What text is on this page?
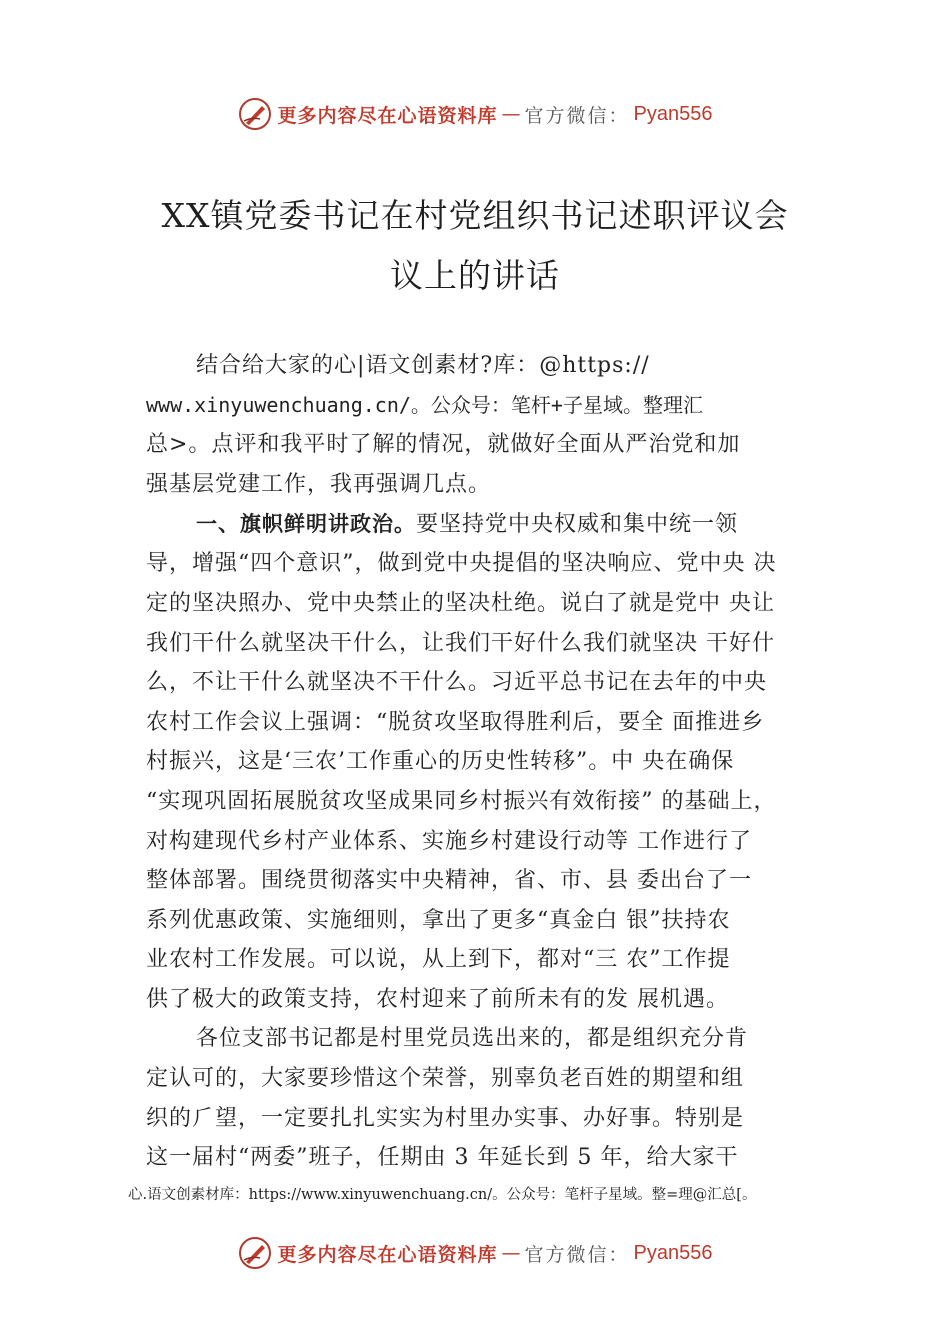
更多内容尽在心语资料库 — 官方微信： Pyan556
XX镇党委书记在村党组织书记述职评议会
议上的讲话
结合给大家的心|语文创素材?库：@https://
www.xinyuwenchuang.cn/。公众号：笔杆+子星域。整理汇
总>。点评和我平时了解的情况，就做好全面从严治党和加
强基层党建工作，我再强调几点。
一、旗帜鲜明讲政治。要坚持党中央权威和集中统一领
导，增强“四个意识”，做到党中央提倡的坚决响应、党中央 决
定的坚决照办、党中央禁止的坚决杜绝。说白了就是党中 央让
我们干什么就坚决干什么，让我们干好什么我们就坚决 干好什
么，不让干什么就坚决不干什么。习近平总书记在去年的中央
农村工作会议上强调：“脱贫攻坚取得胜利后，要全 面推进乡
村振兴，这是‘三农’工作重心的历史性转移”。中 央在确保
“实现巩固拓展脱贫攻坚成果同乡村振兴有效衔接” 的基础上，
对构建现代乡村产业体系、实施乡村建设行动等 工作进行了
整体部署。围绕贯彻落实中央精神，省、市、县 委出台了一
系列优惠政策、实施细则，拿出了更多“真金白 银”扶持农
业农村工作发展。可以说，从上到下，都对“三 农”工作提
供了极大的政策支持，农村迎来了前所未有的发 展机遇。
各位支部书记都是村里党员选出来的，都是组织充分肯
定认可的，大家要珍惜这个荣誉，别辜负老百姓的期望和组
织的⺁望，一定要扎扎实实为村里办实事、办好事。特别是
这一届村“两委”班子，任期由 3 年延长到 5 年，给大家干
心.语文创素材库：https://www.xinyuwenchuang.cn/。公众号：笔杆子星域。整=理@汇总[。
更多内容尽在心语资料库 — 官方微信： Pyan556
